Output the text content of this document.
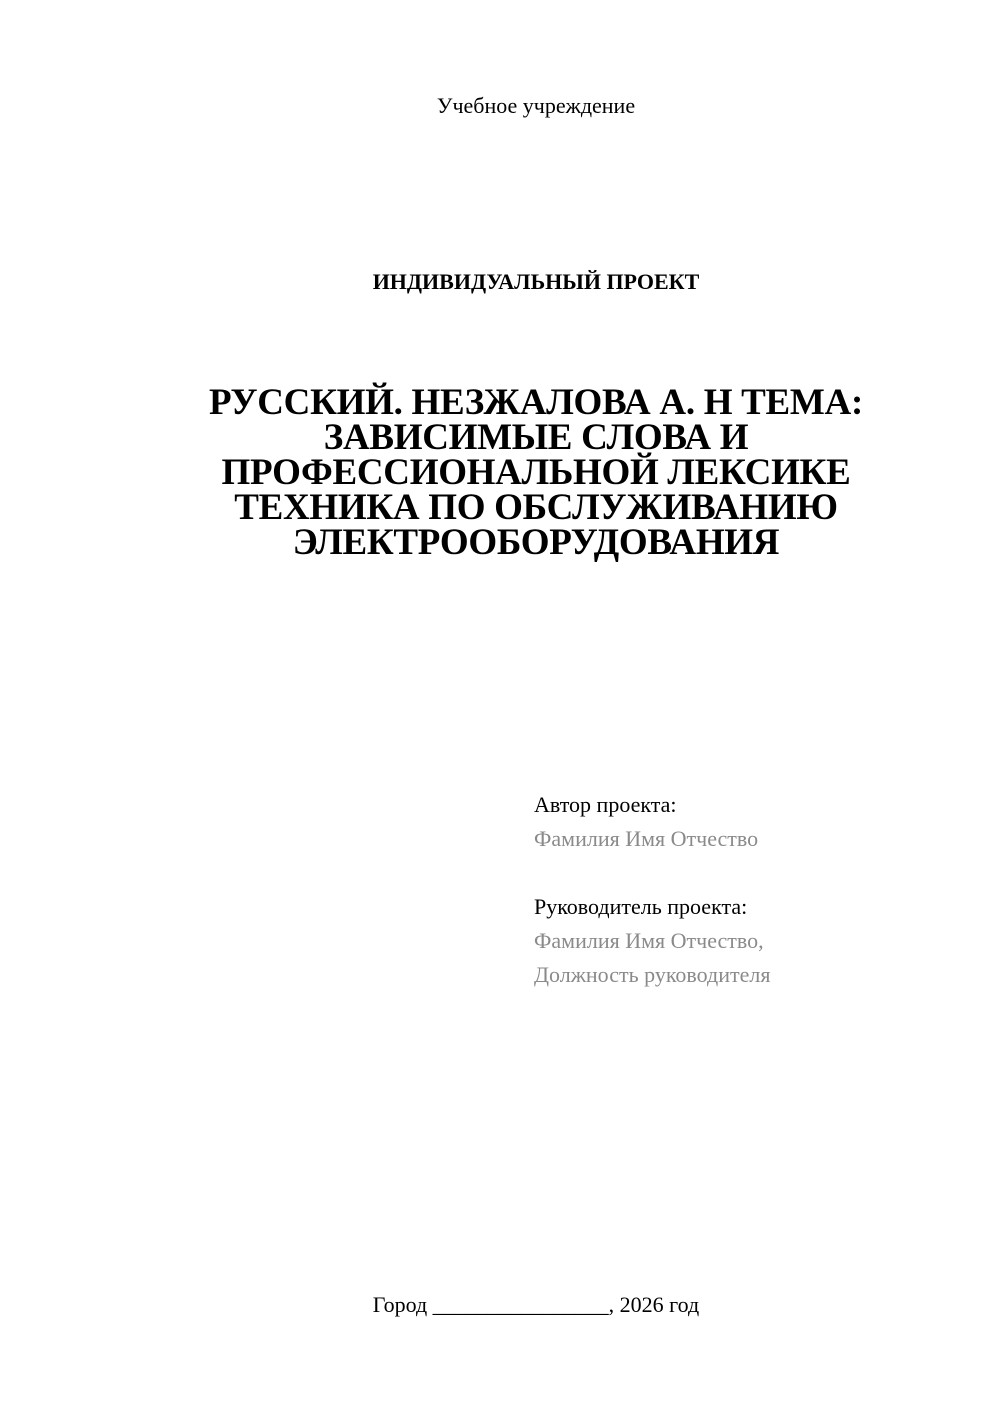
Учебное учреждение
ИНДИВИДУАЛЬНЫЙ ПРОЕКТ
РУССКИЙ. НЕЗЖАЛОВА А. Н ТЕМА:
ЗАВИСИМЫЕ СЛОВА И
ПРОФЕССИОНАЛЬНОЙ ЛЕКСИКЕ
ТЕХНИКА ПО ОБСЛУЖИВАНИЮ
ЭЛЕКТРООБОРУДОВАНИЯ
Автор проекта:
Фамилия Имя Отчество
Руководитель проекта:
Фамилия Имя Отчество,
Должность руководителя
Город ________________, 2026 год
